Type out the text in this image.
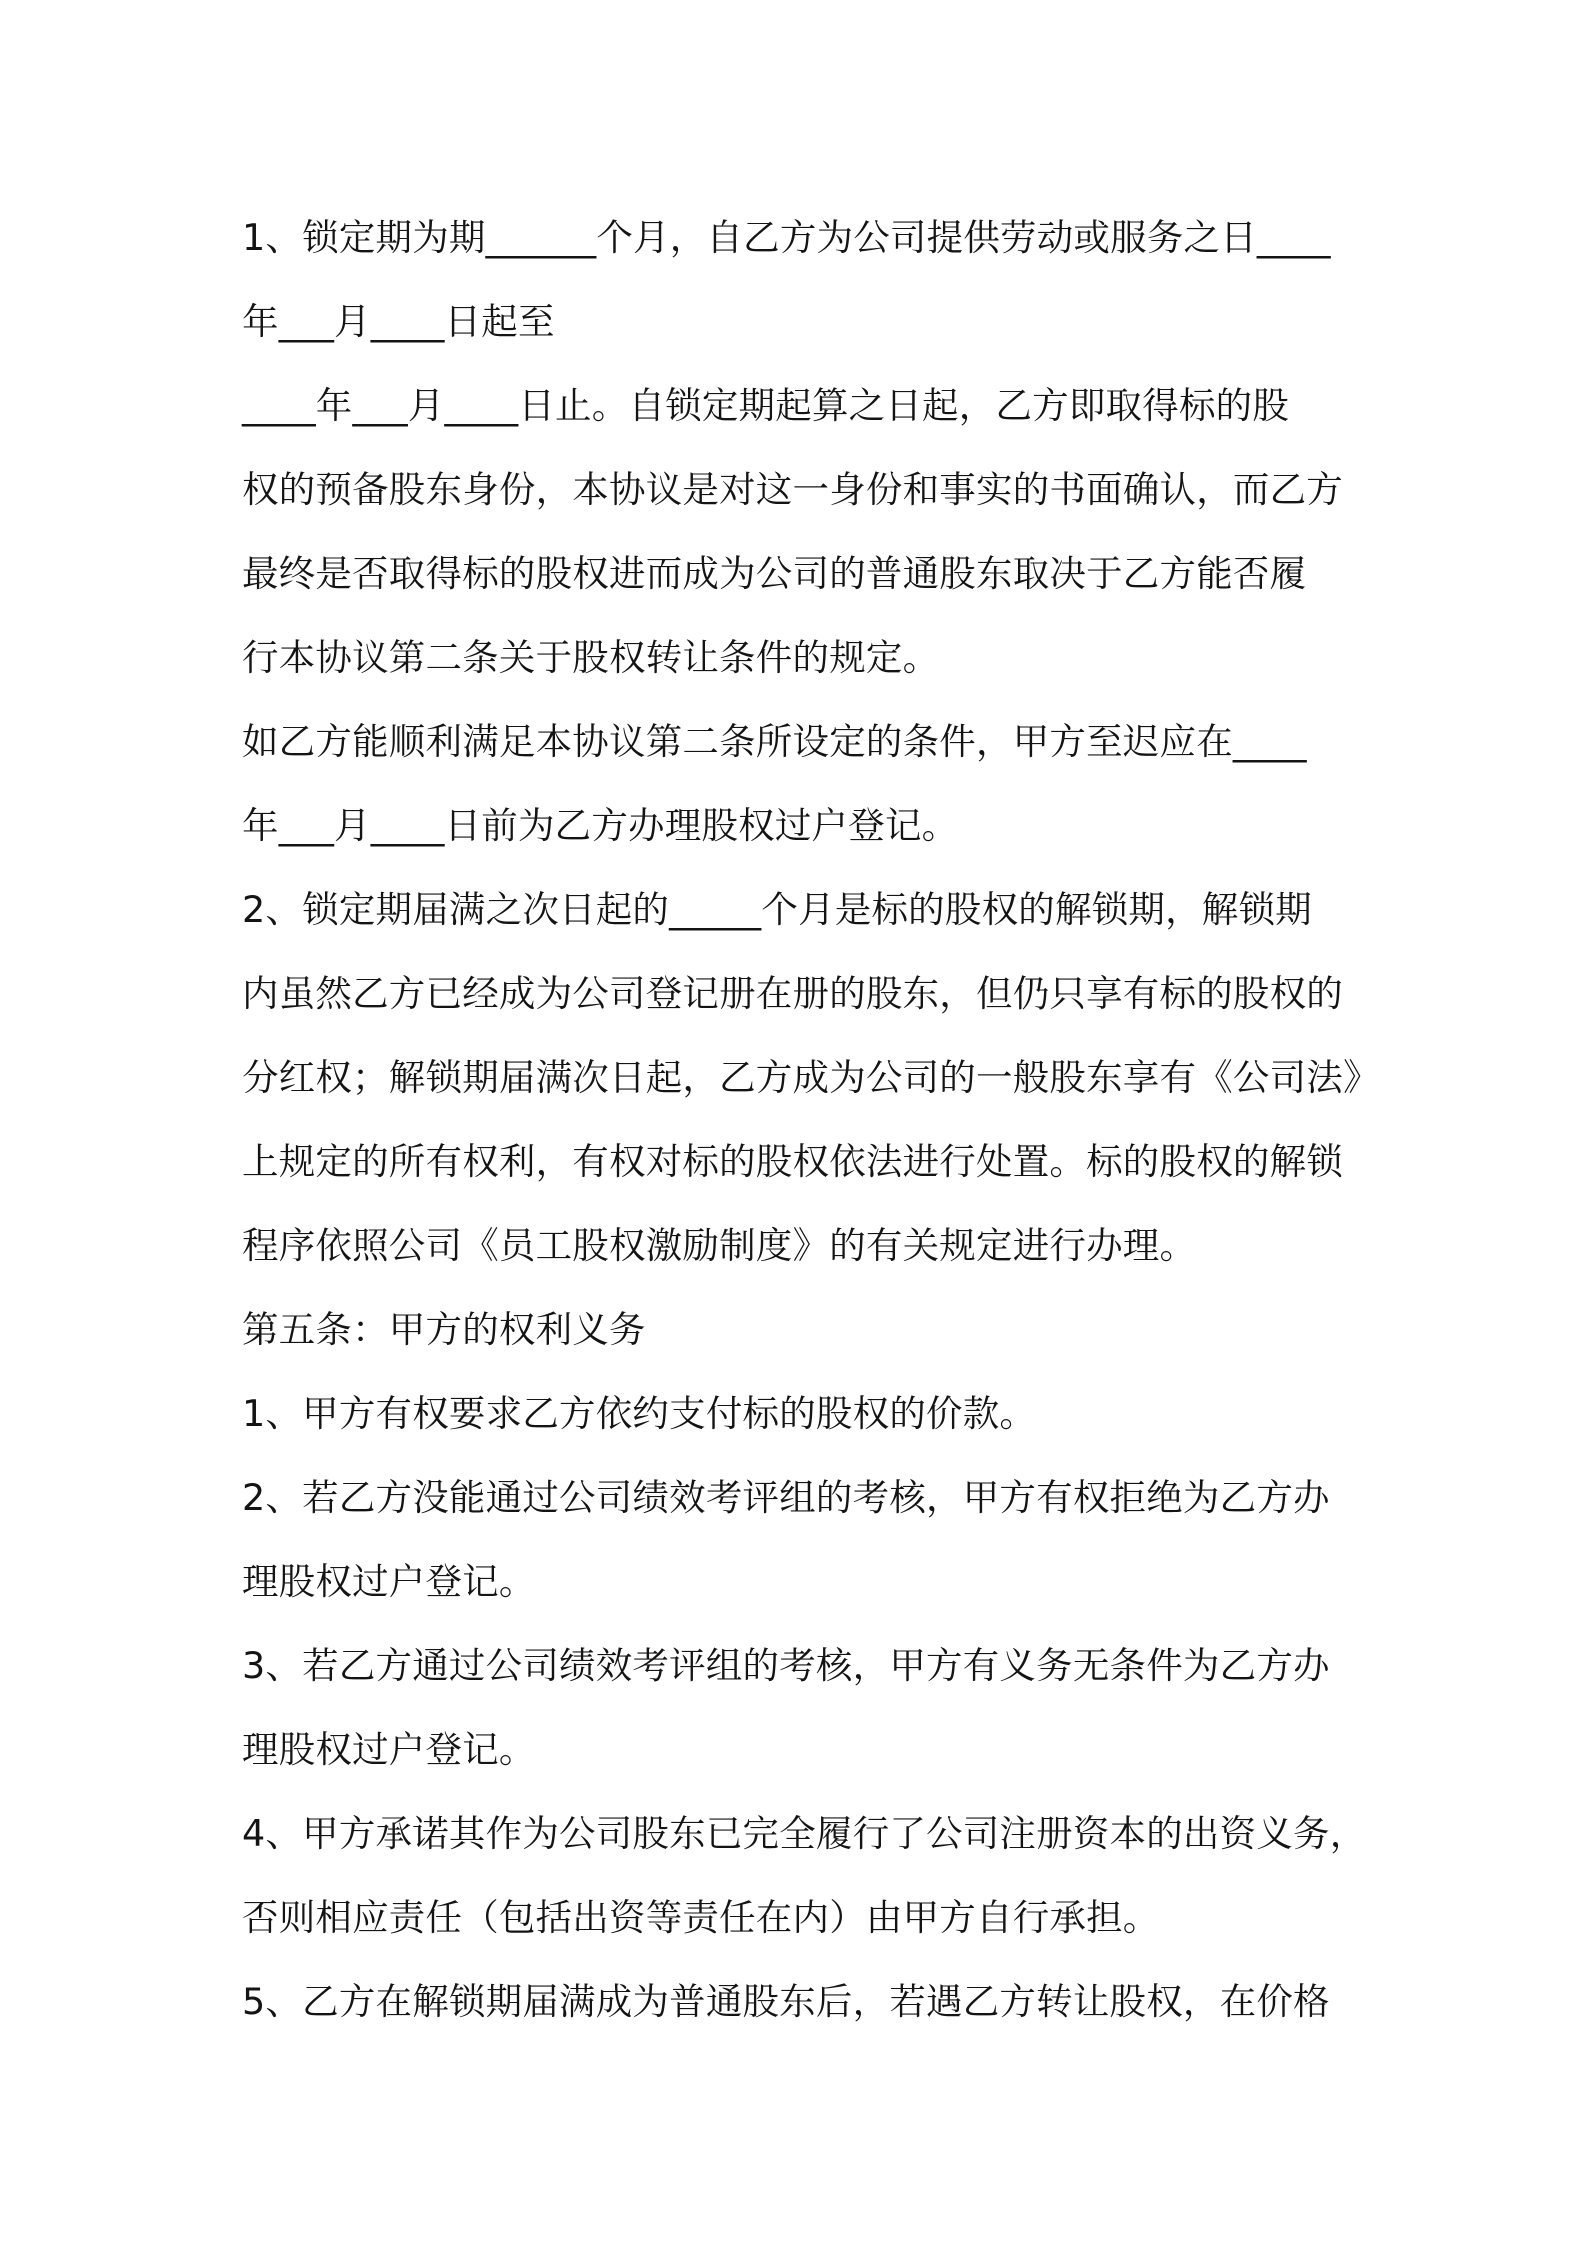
1、锁定期为期______个月，自乙方为公司提供劳动或服务之日____
年___月____日起至
____年___月____日止。自锁定期起算之日起，乙方即取得标的股
权的预备股东身份，本协议是对这一身份和事实的书面确认，而乙方
最终是否取得标的股权进而成为公司的普通股东取决于乙方能否履
行本协议第二条关于股权转让条件的规定。
如乙方能顺利满足本协议第二条所设定的条件，甲方至迟应在____
年___月____日前为乙方办理股权过户登记。
2、锁定期届满之次日起的_____个月是标的股权的解锁期，解锁期
内虽然乙方已经成为公司登记册在册的股东，但仍只享有标的股权的
分红权；解锁期届满次日起，乙方成为公司的一般股东享有《公司法》
上规定的所有权利，有权对标的股权依法进行处置。标的股权的解锁
程序依照公司《员工股权激励制度》的有关规定进行办理。
第五条：甲方的权利义务
1、甲方有权要求乙方依约支付标的股权的价款。
2、若乙方没能通过公司绩效考评组的考核，甲方有权拒绝为乙方办
理股权过户登记。
3、若乙方通过公司绩效考评组的考核，甲方有义务无条件为乙方办
理股权过户登记。
4、甲方承诺其作为公司股东已完全履行了公司注册资本的出资义务，
否则相应责任（包括出资等责任在内）由甲方自行承担。
5、乙方在解锁期届满成为普通股东后，若遇乙方转让股权，在价格
